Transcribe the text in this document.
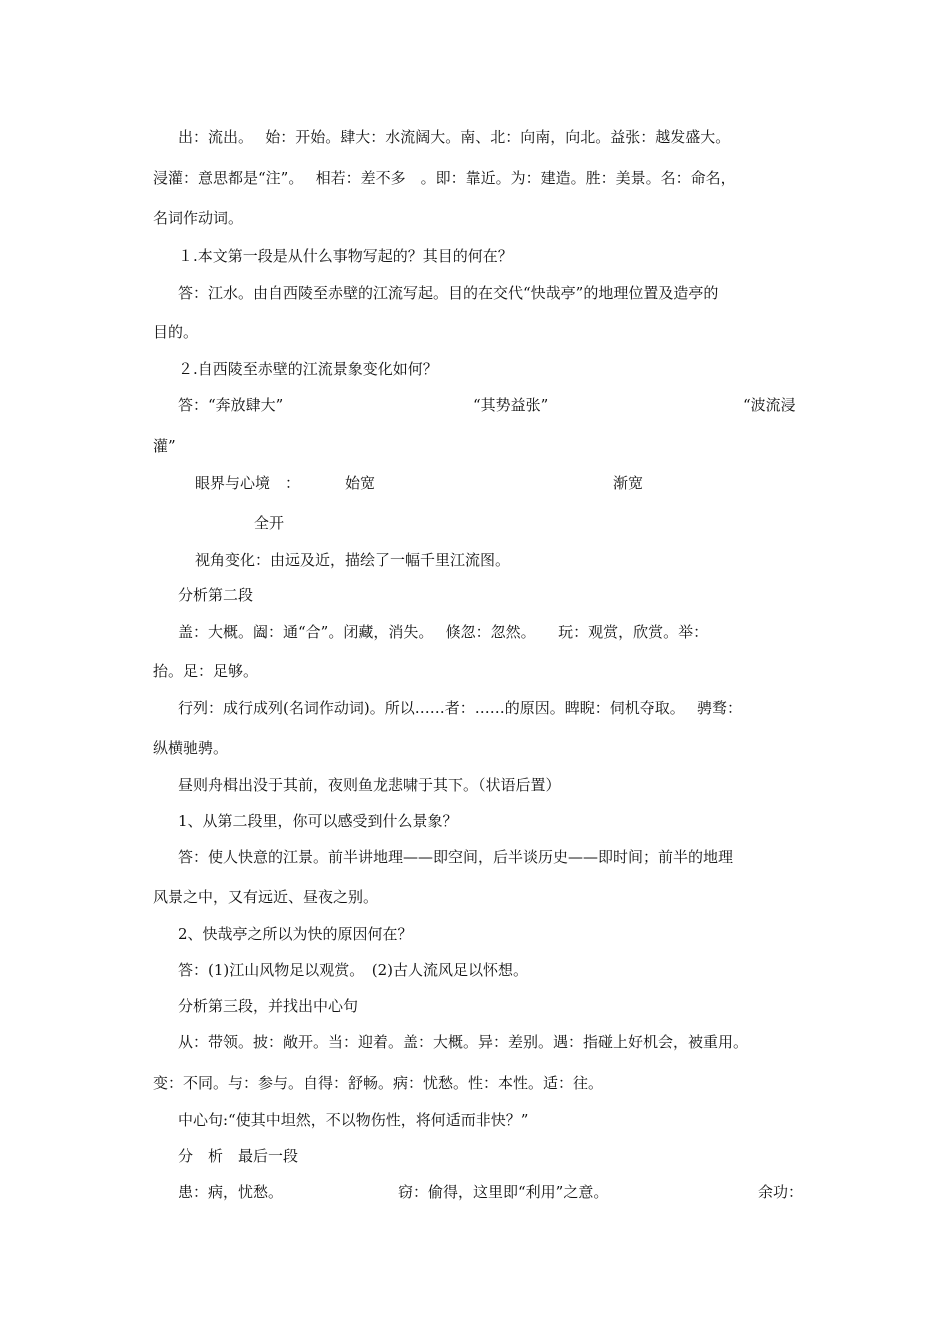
出：流出。　 始：开始。肆大：水流阔大。南、北：向南，向北。益张：越发盛大。
浸灌：意思都是“注”。　 相若：差不多　。即：靠近。为：建造。胜：美景。名：命名，
名词作动词。
１.本文第一段是从什么事物写起的？其目的何在？
答：江水。由自西陵至赤壁的江流写起。目的在交代“快哉亭”的地理位置及造亭的
目的。
２.自西陵至赤壁的江流景象变化如何？
答：“奔放肆大”	“其势益张”	“波流浸
灌”
眼界与心境　：	始宽	渐宽
全开
视角变化：由远及近，描绘了一幅千里江流图。
分析第二段
盖：大概。阖：通“合”。闭藏，消失。　 倏忽：忽然。　　玩：观赏，欣赏。举：
抬。足：足够。
行列：成行成列(名词作动词)。所以……者：……的原因。睥睨：伺机夺取。　 骋骛：
纵横驰骋。
昼则舟楫出没于其前，夜则鱼龙悲啸于其下。（状语后置）
1、从第二段里，你可以感受到什么景象？
答：使人快意的江景。前半讲地理——即空间，后半谈历史——即时间；前半的地理
风景之中，又有远近、昼夜之别。
2、快哉亭之所以为快的原因何在？
答：(1)江山风物足以观赏。　(2)古人流风足以怀想。
分析第三段，并找出中心句
从：带领。披：敞开。当：迎着。盖：大概。异：差别。遇：指碰上好机会，被重用。
变：不同。与：参与。自得：舒畅。病：忧愁。性：本性。适：往。
中心句:“使其中坦然，不以物伤性，将何适而非快？”
分　析　最后一段
患：病，忧愁。	窃：偷得，这里即“利用”之意。	余功：
